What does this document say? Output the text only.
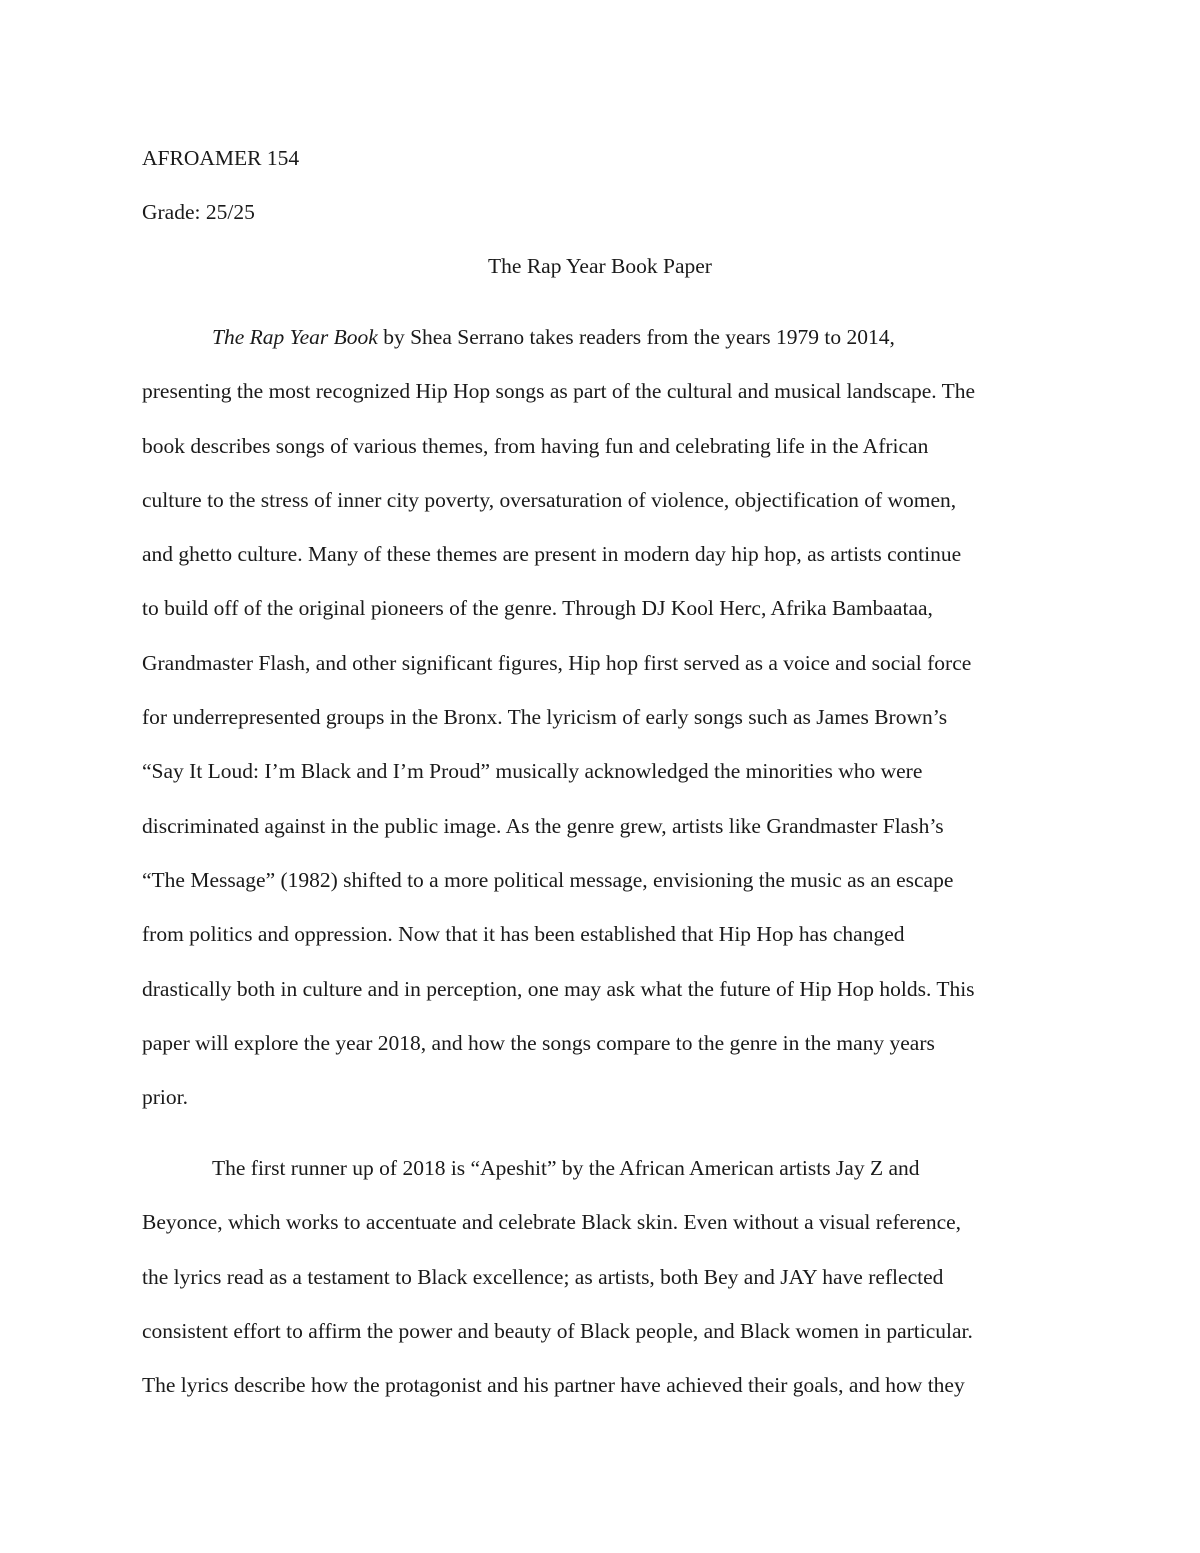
AFROAMER 154

Grade: 25/25

The Rap Year Book Paper
The Rap Year Book by Shea Serrano takes readers from the years 1979 to 2014,
presenting the most recognized Hip Hop songs as part of the cultural and musical landscape. The
book describes songs of various themes, from having fun and celebrating life in the African
culture to the stress of inner city poverty, oversaturation of violence, objectification of women,
and ghetto culture. Many of these themes are present in modern day hip hop, as artists continue
to build off of the original pioneers of the genre. Through DJ Kool Herc, Afrika Bambaataa,
Grandmaster Flash, and other significant figures, Hip hop first served as a voice and social force
for underrepresented groups in the Bronx. The lyricism of early songs such as James Brown’s
“Say It Loud: I’m Black and I’m Proud” musically acknowledged the minorities who were
discriminated against in the public image. As the genre grew, artists like Grandmaster Flash’s
“The Message” (1982) shifted to a more political message, envisioning the music as an escape
from politics and oppression. Now that it has been established that Hip Hop has changed
drastically both in culture and in perception, one may ask what the future of Hip Hop holds. This
paper will explore the year 2018, and how the songs compare to the genre in the many years
prior.
The first runner up of 2018 is “Apeshit” by the African American artists Jay Z and
Beyonce, which works to accentuate and celebrate Black skin. Even without a visual reference,
the lyrics read as a testament to Black excellence; as artists, both Bey and JAY have reflected
consistent effort to affirm the power and beauty of Black people, and Black women in particular.
The lyrics describe how the protagonist and his partner have achieved their goals, and how they
